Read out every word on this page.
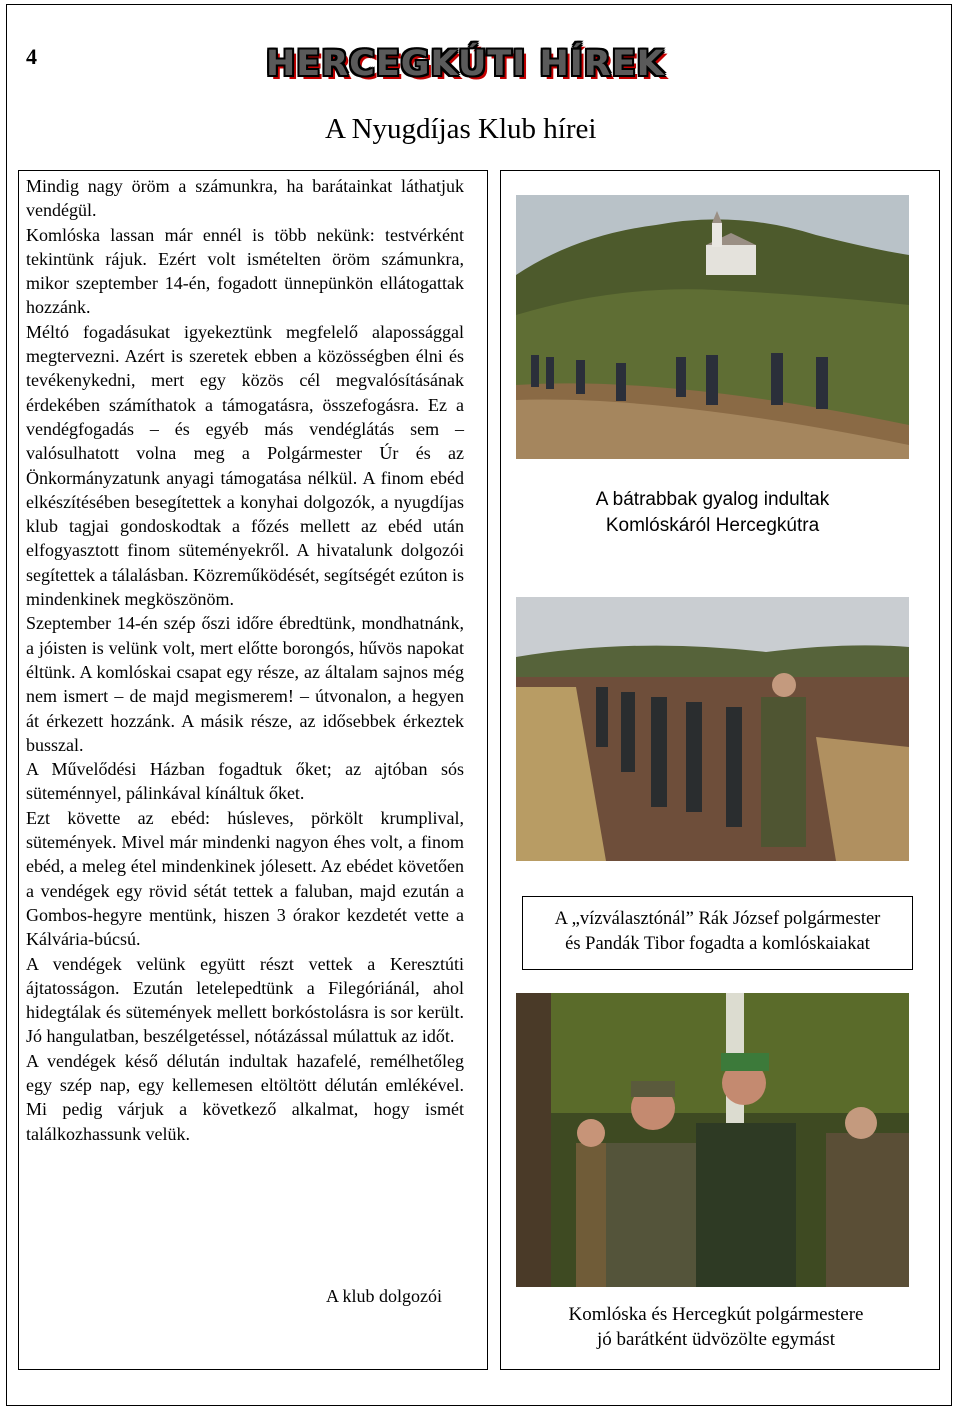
4	HERCEGKÚTI HÍREK
A Nyugdíjas Klub hírei

Mindig nagy öröm a számunkra, ha barátainkat láthatjuk vendégül.

Komlóska lassan már ennél is több nekünk: testvérként tekintünk rájuk. Ezért volt ismételten öröm számunkra, mikor szeptember 14-én, fogadott ünnepünkön ellátogattak hozzánk.

Méltó fogadásukat igyekeztünk megfelelő alapossággal megtervezni. Azért is szeretek ebben a közösségben élni és tevékenykedni, mert egy közös cél megvalósításának érdekében számíthatok a támogatásra, összefogásra. Ez a vendégfogadás – és egyéb más vendéglátás sem – valósulhatott volna meg a Polgármester Úr és az Önkormányzatunk anyagi támogatása nélkül. A finom ebéd elkészítésében besegítettek a konyhai dolgozók, a nyugdíjas klub tagjai gondoskodtak a főzés mellett az ebéd után elfogyasztott finom süteményekről. A hivatalunk dolgozói segítettek a tálalásban. Közreműködését, segítségét ezúton is mindenkinek megköszönöm.

Szeptember 14-én szép őszi időre ébredtünk, mondhatnánk, a jóisten is velünk volt, mert előtte borongós, hűvös napokat éltünk. A komlóskai csapat egy része, az általam sajnos még nem ismert – de majd megismerem! – útvonalon, a hegyen át érkezett hozzánk. A másik része, az idősebbek érkeztek busszal.

A Művelődési Házban fogadtuk őket; az ajtóban sós süteménnyel, pálinkával kínáltuk őket.

Ezt követte az ebéd: húsleves, pörkölt krumplival, sütemények. Mivel már mindenki nagyon éhes volt, a finom ebéd, a meleg étel mindenkinek jólesett. Az ebédet követően a vendégek egy rövid sétát tettek a faluban, majd ezután a Gombos-hegyre mentünk, hiszen 3 órakor kezdetét vette a Kálvária-búcsú.

A vendégek velünk együtt részt vettek a Keresztúti ájtatosságon. Ezután letelepedtünk a Filegóriánál, ahol hidegtálak és sütemények mellett borkóstolásra is sor került. Jó hangulatban, beszélgetéssel, nótázással múlattuk az időt.

A vendégek késő délután indultak hazafelé, remélhetőleg egy szép nap, egy kellemesen eltöltött délután emlékével. Mi pedig várjuk a következő alkalmat, hogy ismét találkozhassunk velük.

A klub dolgozói
A bátrabbak gyalog indultak
Komlóskáról Hercegkútra
A „vízválasztónál” Rák József polgármester
és Pandák Tibor fogadta a komlóskaiakat
Komlóska és Hercegkút polgármestere
jó barátként üdvözölte egymást
